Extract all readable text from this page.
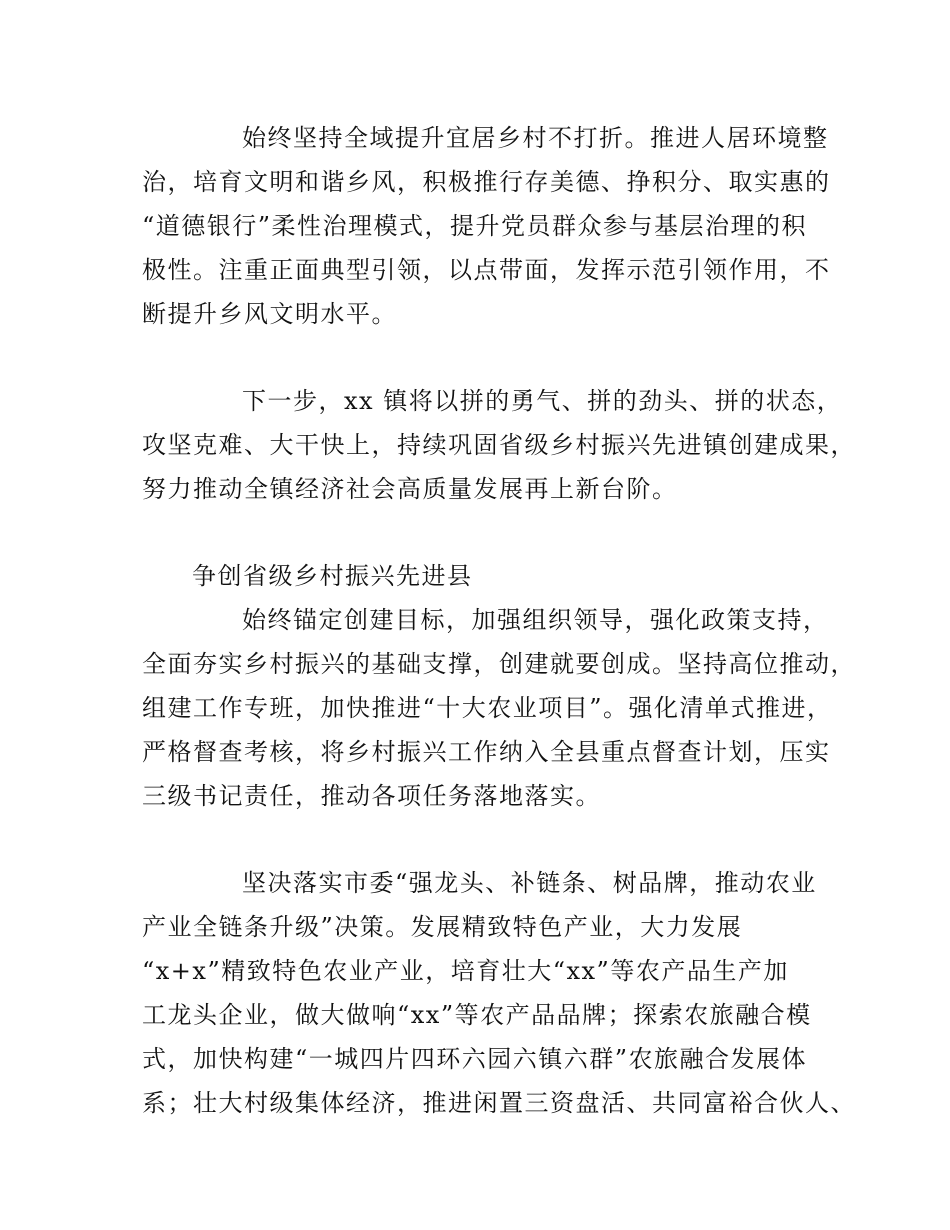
始终坚持全域提升宜居乡村不打折。推进人居环境整
治，培育文明和谐乡风，积极推行存美德、挣积分、取实惠的
“道德银行”柔性治理模式，提升党员群众参与基层治理的积
极性。注重正面典型引领，以点带面，发挥示范引领作用，不
断提升乡风文明水平。
下一步，xx 镇将以拼的勇气、拼的劲头、拼的状态，
攻坚克难、大干快上，持续巩固省级乡村振兴先进镇创建成果，
努力推动全镇经济社会高质量发展再上新台阶。
争创省级乡村振兴先进县
始终锚定创建目标，加强组织领导，强化政策支持，
全面夯实乡村振兴的基础支撑，创建就要创成。坚持高位推动，
组建工作专班，加快推进“十大农业项目”。强化清单式推进，
严格督查考核，将乡村振兴工作纳入全县重点督查计划，压实
三级书记责任，推动各项任务落地落实。
坚决落实市委“强龙头、补链条、树品牌，推动农业
产业全链条升级”决策。发展精致特色产业，大力发展
“x+x”精致特色农业产业，培育壮大“xx”等农产品生产加
工龙头企业，做大做响“xx”等农产品品牌；探索农旅融合模
式，加快构建“一城四片四环六园六镇六群”农旅融合发展体
系；壮大村级集体经济，推进闲置三资盘活、共同富裕合伙人、
